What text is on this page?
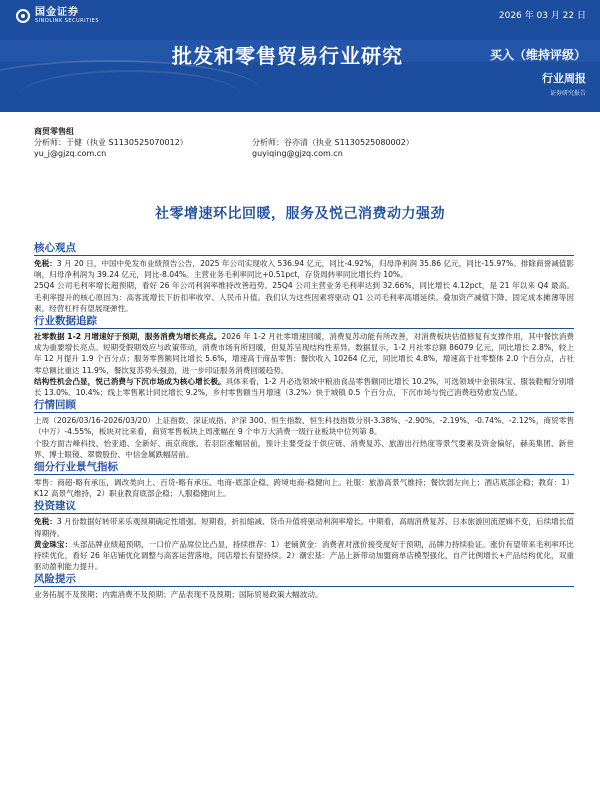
国金证券
SINOLINK SECURITIES	2026 年 03 月 22 日
批发和零售贸易行业研究	买入（维持评级）
行业周报
证券研究报告
商贸零售组
分析师：于健（执业 S1130525070012）	分析师：谷亦清（执业 S1130525080002）
yu_j@gjzq.com.cn	guyiqing@gjzq.com.cn
社零增速环比回暖，服务及悦己消费动力强劲
核心观点
免税：3 月 20 日，中国中免发布业绩预告公告，2025 年公司实现收入 536.94 亿元，同比-4.92%，归母净利润 35.86 亿元，同比-15.97%。排除商誉减值影响，归母净利润为 39.24 亿元，同比-8.04%。主营业务毛利率同比+0.51pct，存货周转率同比增长约 10%。
25Q4 公司毛利率增长超预期，看好 26 年公司利润率维持改善趋势。25Q4 公司主营业务毛利率达到 32.66%，同比增长 4.12pct，是 21 年以来 Q4 最高。毛利率提升的核心原因为：高客流增长下折扣率收窄、人民币升值。我们认为这些因素将驱动 Q1 公司毛利率高增延续。叠加资产减值下降、固定成本摊薄等因素，经营杠杆有望展现弹性。
行业数据追踪
社零数据 1-2 月增速好于预期，服务消费为增长亮点。2026 年 1-2 月社零增速回暖，消费复苏动能有所改善，对消费板块估值修复有支撑作用，其中餐饮消费成为重要增长亮点。短期受假期效应与政策带动，消费市场有所回暖，但复苏呈现结构性差异。数据显示，1-2 月社零总额 86079 亿元，同比增长 2.8%，较上年 12 月提升 1.9 个百分点；服务零售额同比增长 5.6%，增速高于商品零售；餐饮收入 10264 亿元，同比增长 4.8%，增速高于社零整体 2.0 个百分点，占社零总额比重达 11.9%，餐饮复苏势头强劲，进一步印证服务消费回暖趋势。
结构性机会凸显，悦己消费与下沉市场成为核心增长极。具体来看，1-2 月必选领域中粮油食品零售额同比增长 10.2%，可选领域中金银珠宝、服装鞋帽分别增长 13.0%、10.4%；线上零售累计同比增长 9.2%，乡村零售额当月增速（3.2%）快于城镇 0.5 个百分点，下沉市场与悦己消费趋势愈发凸显。
行情回顾
上周（2026/03/16-2026/03/20）上证指数、深证成指、沪深 300、恒生指数、恒生科技指数分别-3.38%、-2.90%、-2.19%、-0.74%、-2.12%，商贸零售（中万）-4.55%，板块对比来看，商贸零售板块上周涨幅在 9 个申万大消费一级行业板块中位列第 8。
个股方面吉峰科技、怡亚通、全新好、南京商旅、若羽臣涨幅居前，预计主要受益于供应链、消费复苏、旅游出行热度等景气要素及资金偏好，赫美集团、新世界、博士眼镜、翠微股份、中信金属跌幅居前。
细分行业景气指标
零售：商超-略有承压，调改类向上、百货-略有承压、电商-底部企稳、跨境电商-稳健向上。社服：旅游高景气维持；餐饮弱左向上；酒店底部企稳；教育：1）K12 高景气维持，2）职业教育底部企稳；人服稳健向上。
投资建议
免税：3 月份数据好转带来乐观预期确定性增强。短期看，折扣缩减、货币升值将驱动利润率增长。中期看，高端消费复苏、日本旅游回流逻辑不变，后续增长值得期待。
黄金珠宝：头部品牌业绩超预期，一口价产品席位比凸显，持续推荐：1）老铺黄金：消费者对涨价接受度好于预期，品牌力持续验证。涨价有望带来毛利率环比持续优化，看好 26 年店铺优化调整与高客运营落地，同店增长有望持续。2）潮宏基：产品上新带动加盟商单店模型强化，自产比例增长+产品结构优化，双重驱动盈利能力提升。
风险提示
业务拓展不及预期；内需消费不及预期；产品表现不及预期；国际贸易政策大幅波动。
